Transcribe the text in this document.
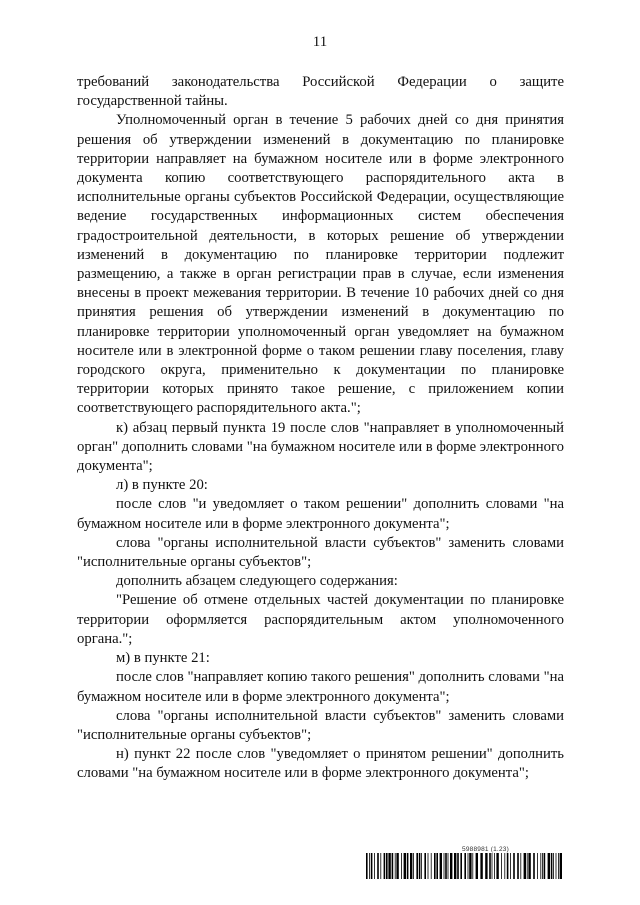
11

требований законодательства Российской Федерации о защите государственной тайны.

Уполномоченный орган в течение 5 рабочих дней со дня принятия решения об утверждении изменений в документацию по планировке территории направляет на бумажном носителе или в форме электронного документа копию соответствующего распорядительного акта в исполнительные органы субъектов Российской Федерации, осуществляющие ведение государственных информационных систем обеспечения градостроительной деятельности, в которых решение об утверждении изменений в документацию по планировке территории подлежит размещению, а также в орган регистрации прав в случае, если изменения внесены в проект межевания территории. В течение 10 рабочих дней со дня принятия решения об утверждении изменений в документацию по планировке территории уполномоченный орган уведомляет на бумажном носителе или в электронной форме о таком решении главу поселения, главу городского округа, применительно к документации по планировке территории которых принято такое решение, с приложением копии соответствующего распорядительного акта.";

к) абзац первый пункта 19 после слов "направляет в уполномоченный орган" дополнить словами "на бумажном носителе или в форме электронного документа";

л) в пункте 20:

после слов "и уведомляет о таком решении" дополнить словами "на бумажном носителе или в форме электронного документа";

слова "органы исполнительной власти субъектов" заменить словами "исполнительные органы субъектов";

дополнить абзацем следующего содержания:

"Решение об отмене отдельных частей документации по планировке территории оформляется распорядительным актом уполномоченного органа.";

м) в пункте 21:

после слов "направляет копию такого решения" дополнить словами "на бумажном носителе или в форме электронного документа";

слова "органы исполнительной власти субъектов" заменить словами "исполнительные органы субъектов";

н) пункт 22 после слов "уведомляет о принятом решении" дополнить словами "на бумажном носителе или в форме электронного документа";

5988981 (1.23)
